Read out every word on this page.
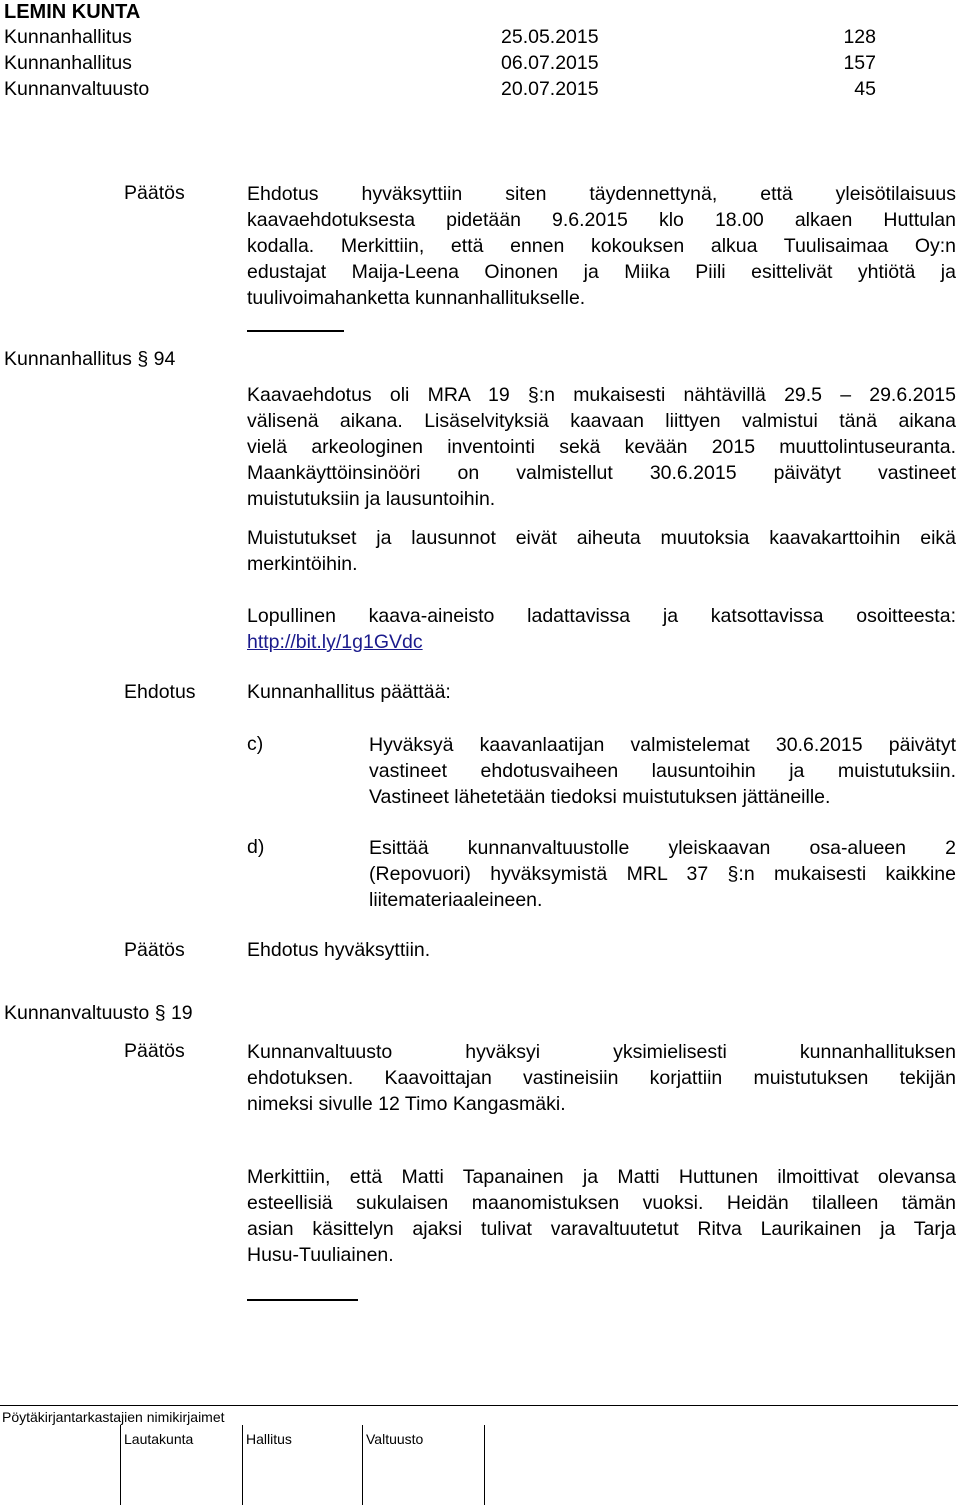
LEMIN KUNTA
Kunnanhallitus	25.05.2015	128
Kunnanhallitus	06.07.2015	157
Kunnanvaltuusto	20.07.2015	45
Päätös	Ehdotus hyväksyttiin siten täydennettynä, että yleisötilaisuus
kaavaehdotuksesta pidetään 9.6.2015 klo 18.00 alkaen Huttulan
kodalla. Merkittiin, että ennen kokouksen alkua Tuulisaimaa Oy:n
edustajat Maija-Leena Oinonen ja Miika Piili esittelivät yhtiötä ja
tuulivoimahanketta kunnanhallitukselle.
Kunnanhallitus § 94
Kaavaehdotus oli MRA 19 §:n mukaisesti nähtävillä 29.5 – 29.6.2015
välisenä aikana. Lisäselvityksiä kaavaan liittyen valmistui tänä aikana
vielä arkeologinen inventointi sekä kevään 2015 muuttolintuseuranta.
Maankäyttöinsinööri on valmistellut 30.6.2015 päivätyt vastineet
muistutuksiin ja lausuntoihin.
Muistutukset ja lausunnot eivät aiheuta muutoksia kaavakarttoihin eikä
merkintöihin.
Lopullinen kaava-aineisto ladattavissa ja katsottavissa osoitteesta:
http://bit.ly/1g1GVdc
Ehdotus	Kunnanhallitus päättää:
c)	Hyväksyä kaavanlaatijan valmistelemat 30.6.2015 päivätyt
vastineet ehdotusvaiheen lausuntoihin ja muistutuksiin.
Vastineet lähetetään tiedoksi muistutuksen jättäneille.
d)	Esittää kunnanvaltuustolle yleiskaavan osa-alueen 2
(Repovuori) hyväksymistä MRL 37 §:n mukaisesti kaikkine
liitemateriaaleineen.
Päätös	Ehdotus hyväksyttiin.
Kunnanvaltuusto § 19
Päätös	Kunnanvaltuusto hyväksyi yksimielisesti kunnanhallituksen
ehdotuksen. Kaavoittajan vastineisiin korjattiin muistutuksen tekijän
nimeksi sivulle 12 Timo Kangasmäki.
Merkittiin, että Matti Tapanainen ja Matti Huttunen ilmoittivat olevansa
esteellisiä sukulaisen maanomistuksen vuoksi. Heidän tilalleen tämän
asian käsittelyn ajaksi tulivat varavaltuutetut Ritva Laurikainen ja Tarja
Husu-Tuuliainen.
Pöytäkirjantarkastajien nimikirjaimet
Lautakunta	Hallitus	Valtuusto
